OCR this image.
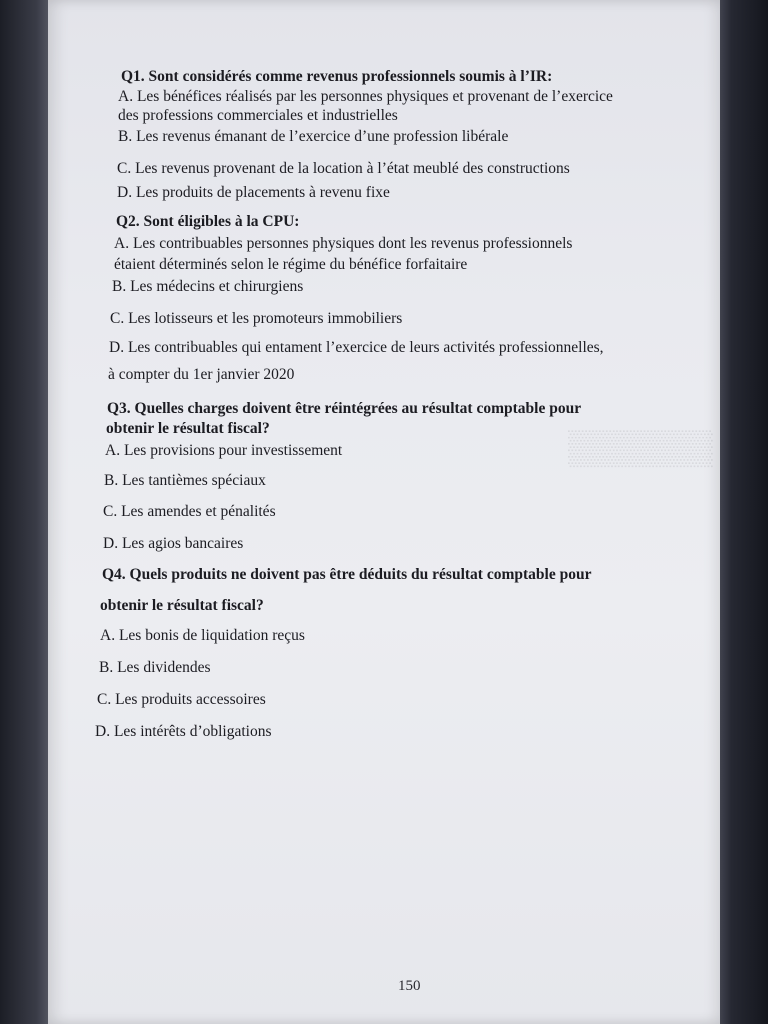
▒▒▒▒▒▒
Q1. Sont considérés comme revenus professionnels soumis à l’IR:
A. Les bénéfices réalisés par les personnes physiques et provenant de l’exercice
des professions commerciales et industrielles
B. Les revenus émanant de l’exercice d’une profession libérale
C. Les revenus provenant de la location à l’état meublé des constructions
D. Les produits de placements à revenu fixe
Q2. Sont éligibles à la CPU:
A. Les contribuables personnes physiques dont les revenus professionnels
étaient déterminés selon le régime du bénéfice forfaitaire
B. Les médecins et chirurgiens
C. Les lotisseurs et les promoteurs immobiliers
D. Les contribuables qui entament l’exercice de leurs activités professionnelles,
à compter du 1er janvier 2020
Q3. Quelles charges doivent être réintégrées au résultat comptable pour
obtenir le résultat fiscal?
A. Les provisions pour investissement
B. Les tantièmes spéciaux
C. Les amendes et pénalités
D. Les agios bancaires
Q4. Quels produits ne doivent pas être déduits du résultat comptable pour
obtenir le résultat fiscal?
A. Les bonis de liquidation reçus
B. Les dividendes
C. Les produits accessoires
D. Les intérêts d’obligations
150
